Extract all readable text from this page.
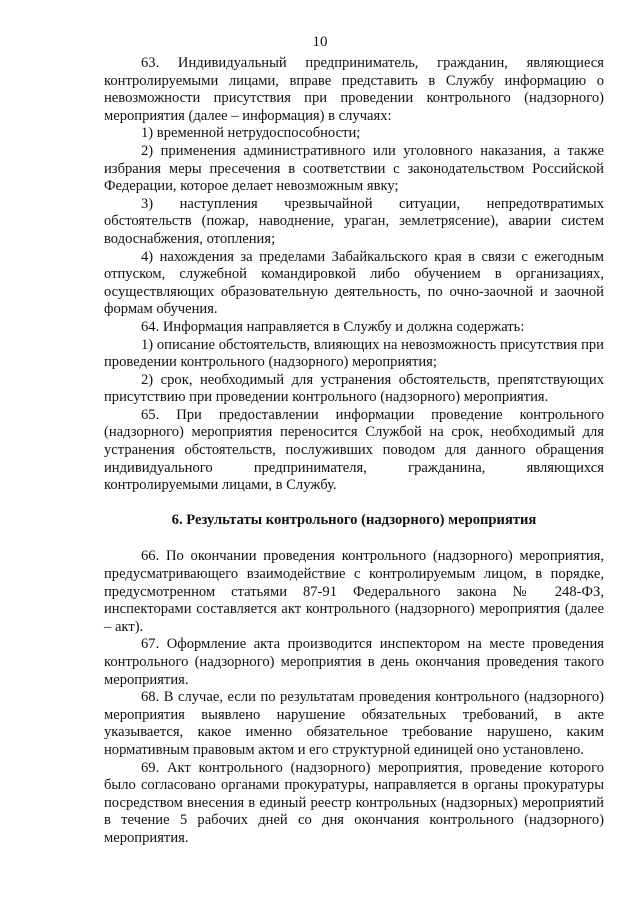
10

63. Индивидуальный предприниматель, гражданин, являющиеся контролируемыми лицами, вправе представить в Службу информацию о невозможности присутствия при проведении контрольного (надзорного) мероприятия (далее – информация) в случаях:

1) временной нетрудоспособности;

2) применения административного или уголовного наказания, а также избрания меры пресечения в соответствии с законодательством Российской Федерации, которое делает невозможным явку;

3) наступления чрезвычайной ситуации, непредотвратимых обстоятельств (пожар, наводнение, ураган, землетрясение), аварии систем водоснабжения, отопления;

4) нахождения за пределами Забайкальского края в связи с ежегодным отпуском, служебной командировкой либо обучением в организациях, осуществляющих образовательную деятельность, по очно-заочной и заочной формам обучения.

64. Информация направляется в Службу и должна содержать:

1) описание обстоятельств, влияющих на невозможность присутствия при проведении контрольного (надзорного) мероприятия;

2) срок, необходимый для устранения обстоятельств, препятствующих присутствию при проведении контрольного (надзорного) мероприятия.

65. При предоставлении информации проведение контрольного (надзорного) мероприятия переносится Службой на срок, необходимый для устранения обстоятельств, послуживших поводом для данного обращения индивидуального предпринимателя, гражданина, являющихся контролируемыми лицами, в Службу.

6. Результаты контрольного (надзорного) мероприятия

66. По окончании проведения контрольного (надзорного) мероприятия, предусматривающего взаимодействие с контролируемым лицом, в порядке, предусмотренном статьями 87-91 Федерального закона № 248-ФЗ, инспекторами составляется акт контрольного (надзорного) мероприятия (далее – акт).

67. Оформление акта производится инспектором на месте проведения контрольного (надзорного) мероприятия в день окончания проведения такого мероприятия.

68. В случае, если по результатам проведения контрольного (надзорного) мероприятия выявлено нарушение обязательных требований, в акте указывается, какое именно обязательное требование нарушено, каким нормативным правовым актом и его структурной единицей оно установлено.

69. Акт контрольного (надзорного) мероприятия, проведение которого было согласовано органами прокуратуры, направляется в органы прокуратуры посредством внесения в единый реестр контрольных (надзорных) мероприятий в течение 5 рабочих дней со дня окончания контрольного (надзорного) мероприятия.
